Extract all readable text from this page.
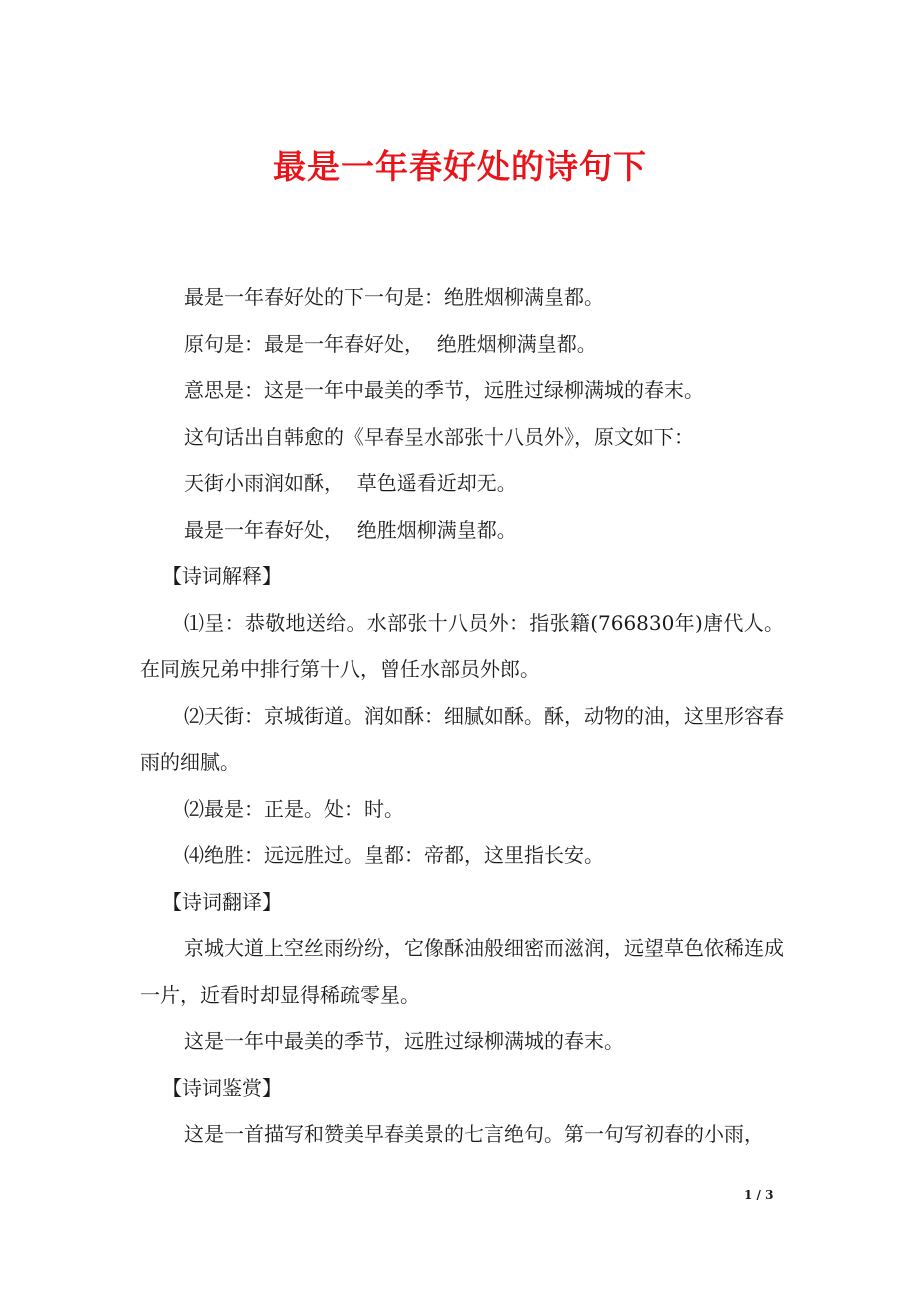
最是一年春好处的诗句下

最是一年春好处的下一句是：绝胜烟柳满皇都。

原句是：最是一年春好处，  绝胜烟柳满皇都。

意思是：这是一年中最美的季节，远胜过绿柳满城的春末。

这句话出自韩愈的《早春呈水部张十八员外》，原文如下：

天街小雨润如酥，  草色遥看近却无。

最是一年春好处，  绝胜烟柳满皇都。

【诗词解释】

⑴呈：恭敬地送给。水部张十八员外：指张籍(766830年)唐代人。在同族兄弟中排行第十八，曾任水部员外郎。

⑵天街：京城街道。润如酥：细腻如酥。酥，动物的油，这里形容春雨的细腻。

⑵最是：正是。处：时。

⑷绝胜：远远胜过。皇都：帝都，这里指长安。

【诗词翻译】

京城大道上空丝雨纷纷，它像酥油般细密而滋润，远望草色依稀连成一片，近看时却显得稀疏零星。

这是一年中最美的季节，远胜过绿柳满城的春末。

【诗词鉴赏】

这是一首描写和赞美早春美景的七言绝句。第一句写初春的小雨，

1 / 3
